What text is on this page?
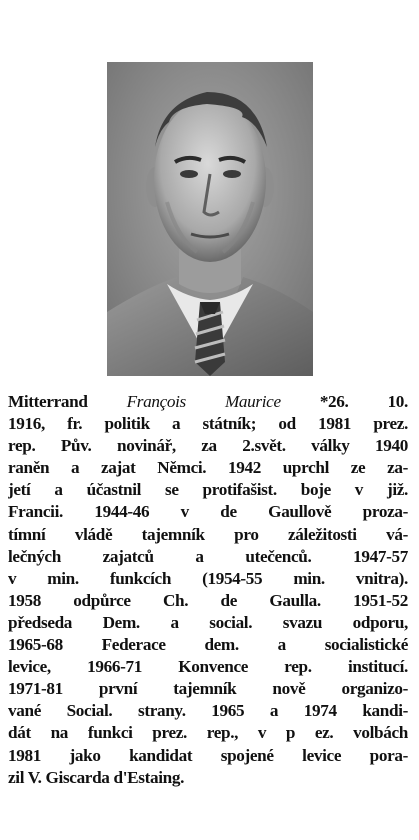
Mitterrand François Maurice *26. 10.
1916, fr. politik a státník; od 1981 prez.
rep. Pův. novinář, za 2.svět. války 1940
raněn a zajat Němci. 1942 uprchl ze za-
jetí a účastnil se protifašist. boje v již.
Francii. 1944-46 v de Gaullově proza-
tímní vládě tajemník pro záležitosti vá-
lečných zajatců a utečenců. 1947-57
v min. funkcích (1954-55 min. vnitra).
1958 odpůrce Ch. de Gaulla. 1951-52
předseda Dem. a social. svazu odporu,
1965-68 Federace dem. a socialistické
levice, 1966-71 Konvence rep. institucí.
1971-81 první tajemník nově organizo-
vané Social. strany. 1965 a 1974 kandi-
dát na funkci prez. rep., v p ez. volbách
1981 jako kandidat spojené levice pora-
zil V. Giscarda d'Estaing.
